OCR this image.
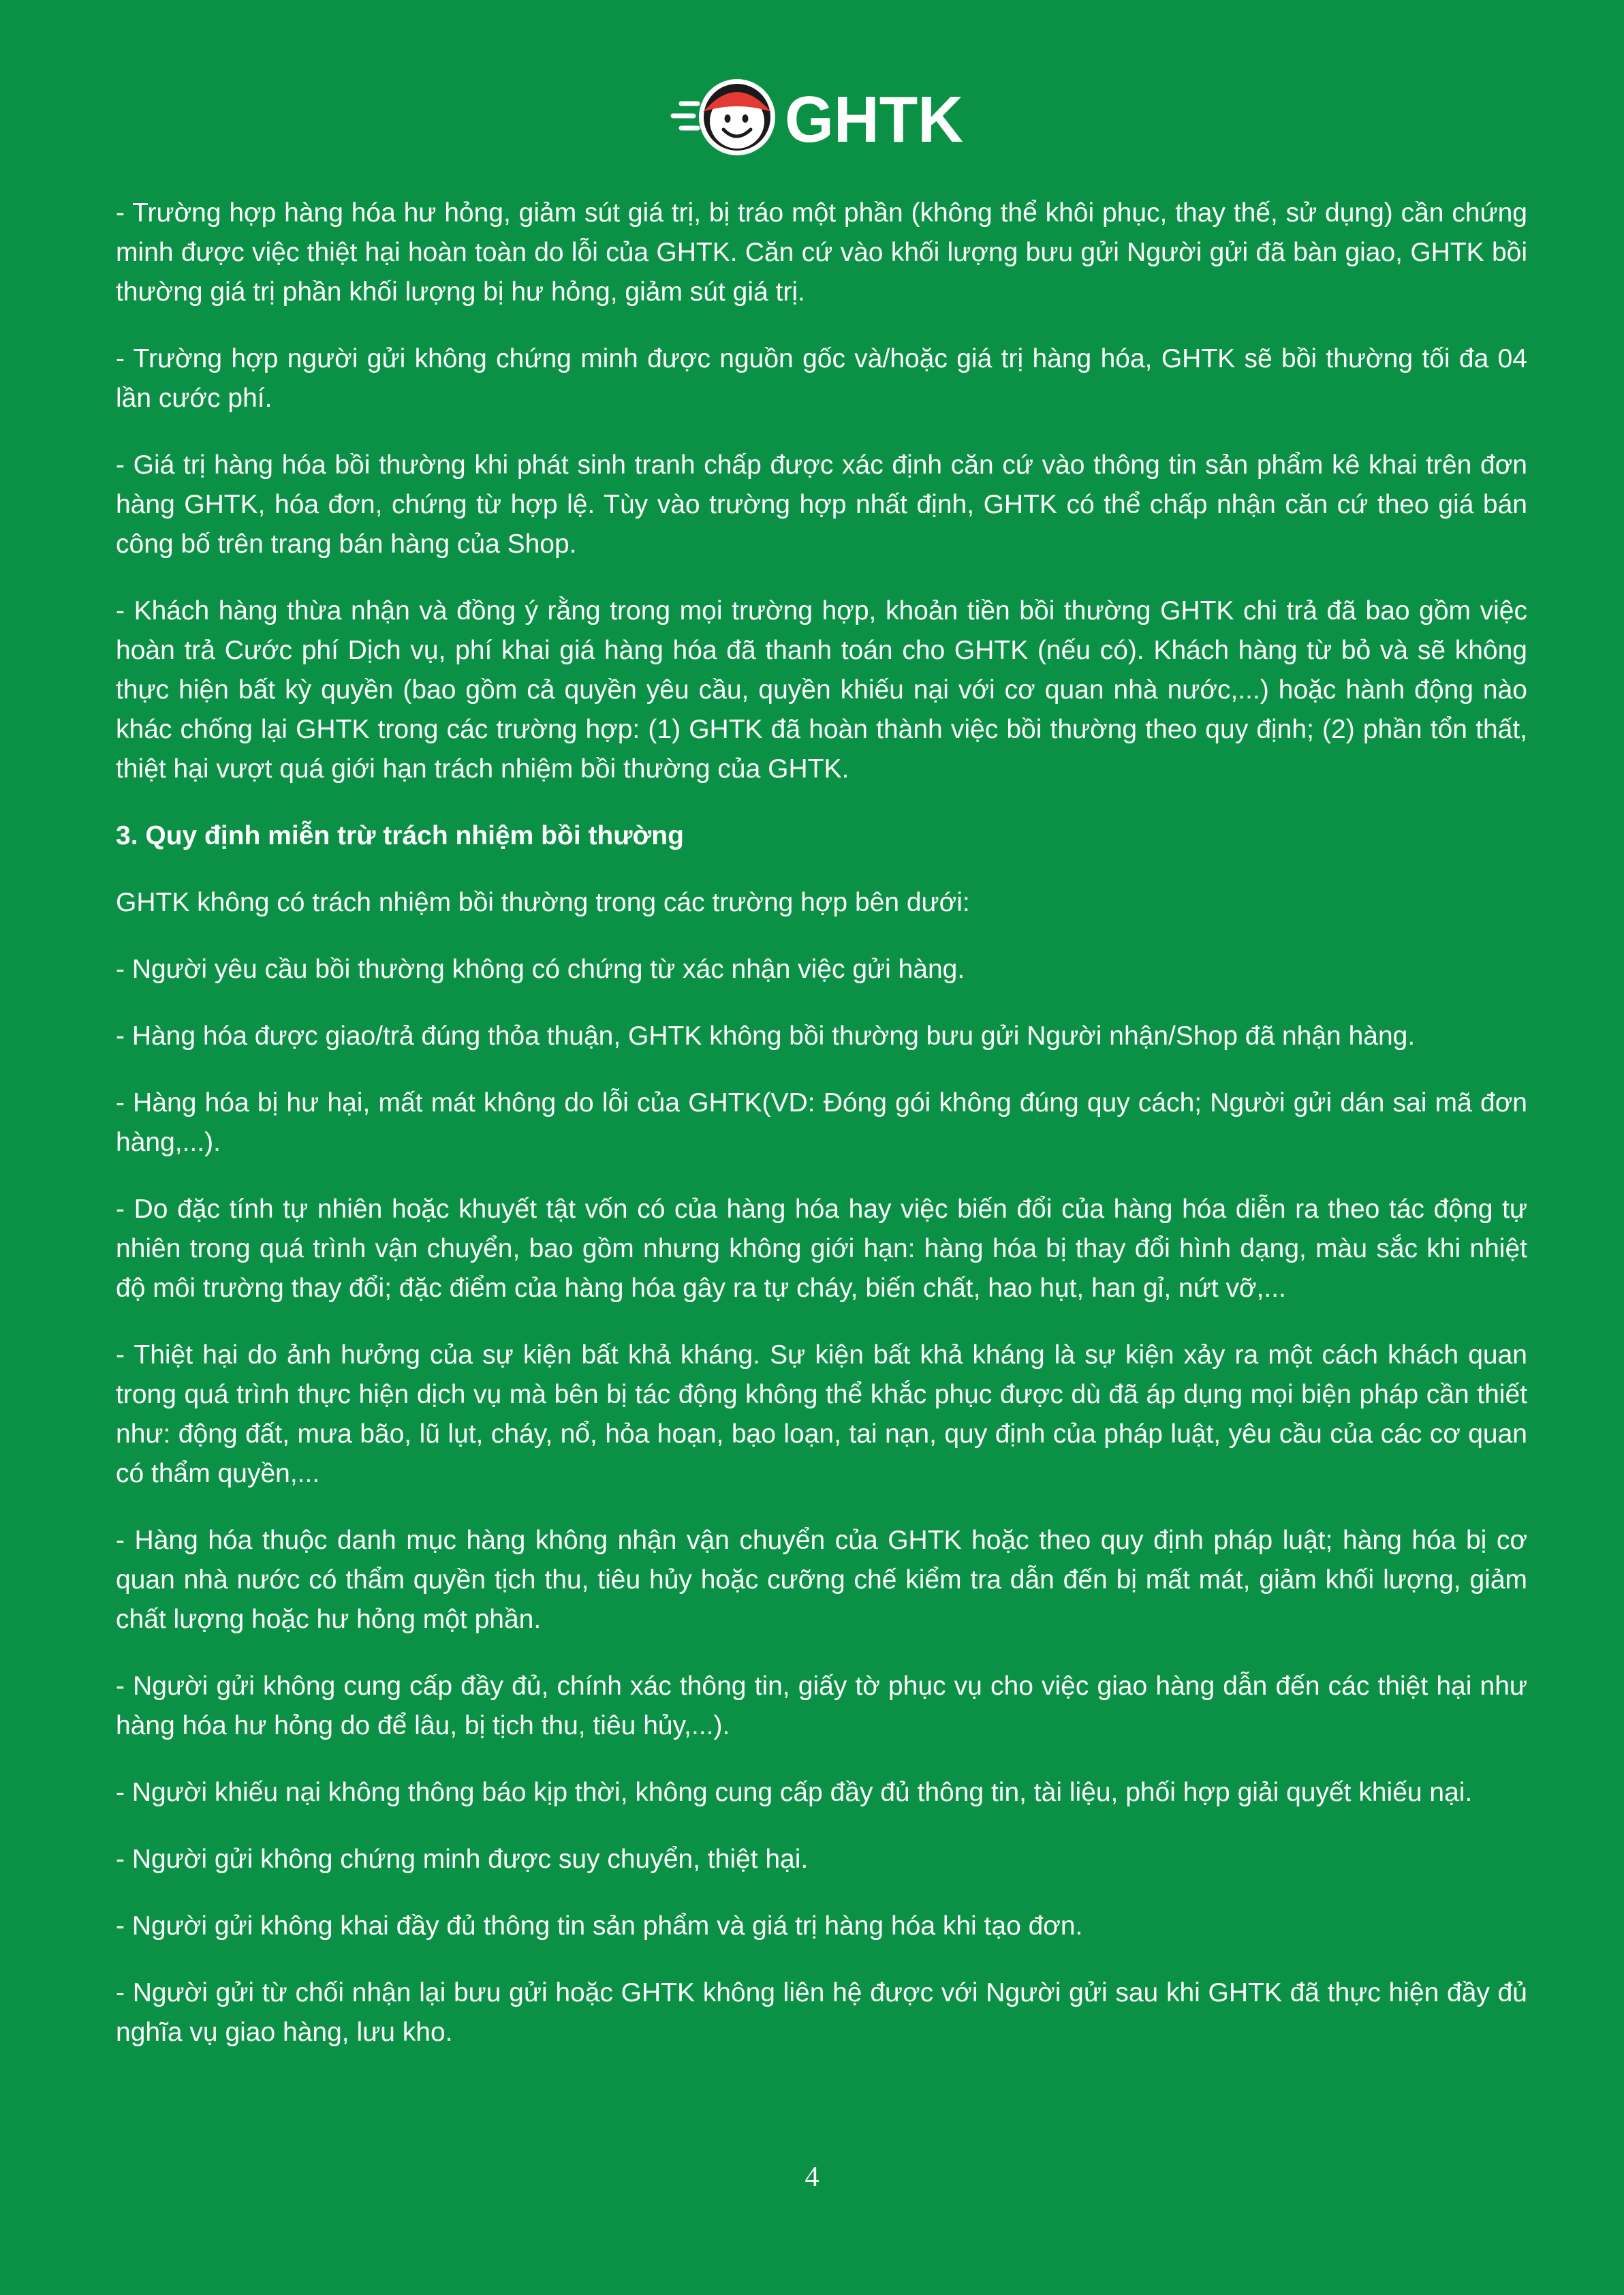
GHTK

- Trường hợp hàng hóa hư hỏng, giảm sút giá trị, bị tráo một phần (không thể khôi phục, thay thế, sử dụng) cần chứng minh được việc thiệt hại hoàn toàn do lỗi của GHTK. Căn cứ vào khối lượng bưu gửi Người gửi đã bàn giao, GHTK bồi thường giá trị phần khối lượng bị hư hỏng, giảm sút giá trị.

- Trường hợp người gửi không chứng minh được nguồn gốc và/hoặc giá trị hàng hóa, GHTK sẽ bồi thường tối đa 04 lần cước phí.

- Giá trị hàng hóa bồi thường khi phát sinh tranh chấp được xác định căn cứ vào thông tin sản phẩm kê khai trên đơn hàng GHTK, hóa đơn, chứng từ hợp lệ. Tùy vào trường hợp nhất định, GHTK có thể chấp nhận căn cứ theo giá bán công bố trên trang bán hàng của Shop.

- Khách hàng thừa nhận và đồng ý rằng trong mọi trường hợp, khoản tiền bồi thường GHTK chi trả đã bao gồm việc hoàn trả Cước phí Dịch vụ, phí khai giá hàng hóa đã thanh toán cho GHTK (nếu có). Khách hàng từ bỏ và sẽ không thực hiện bất kỳ quyền (bao gồm cả quyền yêu cầu, quyền khiếu nại với cơ quan nhà nước,...) hoặc hành động nào khác chống lại GHTK trong các trường hợp: (1) GHTK đã hoàn thành việc bồi thường theo quy định; (2) phần tổn thất, thiệt hại vượt quá giới hạn trách nhiệm bồi thường của GHTK.

3. Quy định miễn trừ trách nhiệm bồi thường

GHTK không có trách nhiệm bồi thường trong các trường hợp bên dưới:

- Người yêu cầu bồi thường không có chứng từ xác nhận việc gửi hàng.

- Hàng hóa được giao/trả đúng thỏa thuận, GHTK không bồi thường bưu gửi Người nhận/Shop đã nhận hàng.

- Hàng hóa bị hư hại, mất mát không do lỗi của GHTK(VD: Đóng gói không đúng quy cách; Người gửi dán sai mã đơn hàng,...).

- Do đặc tính tự nhiên hoặc khuyết tật vốn có của hàng hóa hay việc biến đổi của hàng hóa diễn ra theo tác động tự nhiên trong quá trình vận chuyển, bao gồm nhưng không giới hạn: hàng hóa bị thay đổi hình dạng, màu sắc khi nhiệt độ môi trường thay đổi; đặc điểm của hàng hóa gây ra tự cháy, biến chất, hao hụt, han gỉ, nứt vỡ,...

- Thiệt hại do ảnh hưởng của sự kiện bất khả kháng. Sự kiện bất khả kháng là sự kiện xảy ra một cách khách quan trong quá trình thực hiện dịch vụ mà bên bị tác động không thể khắc phục được dù đã áp dụng mọi biện pháp cần thiết như: động đất, mưa bão, lũ lụt, cháy, nổ, hỏa hoạn, bạo loạn, tai nạn, quy định của pháp luật, yêu cầu của các cơ quan có thẩm quyền,...

- Hàng hóa thuộc danh mục hàng không nhận vận chuyển của GHTK hoặc theo quy định pháp luật; hàng hóa bị cơ quan nhà nước có thẩm quyền tịch thu, tiêu hủy hoặc cưỡng chế kiểm tra dẫn đến bị mất mát, giảm khối lượng, giảm chất lượng hoặc hư hỏng một phần.

- Người gửi không cung cấp đầy đủ, chính xác thông tin, giấy tờ phục vụ cho việc giao hàng dẫn đến các thiệt hại như hàng hóa hư hỏng do để lâu, bị tịch thu, tiêu hủy,...).

- Người khiếu nại không thông báo kịp thời, không cung cấp đầy đủ thông tin, tài liệu, phối hợp giải quyết khiếu nại.

- Người gửi không chứng minh được suy chuyển, thiệt hại.

- Người gửi không khai đầy đủ thông tin sản phẩm và giá trị hàng hóa khi tạo đơn.

- Người gửi từ chối nhận lại bưu gửi hoặc GHTK không liên hệ được với Người gửi sau khi GHTK đã thực hiện đầy đủ nghĩa vụ giao hàng, lưu kho.

4
